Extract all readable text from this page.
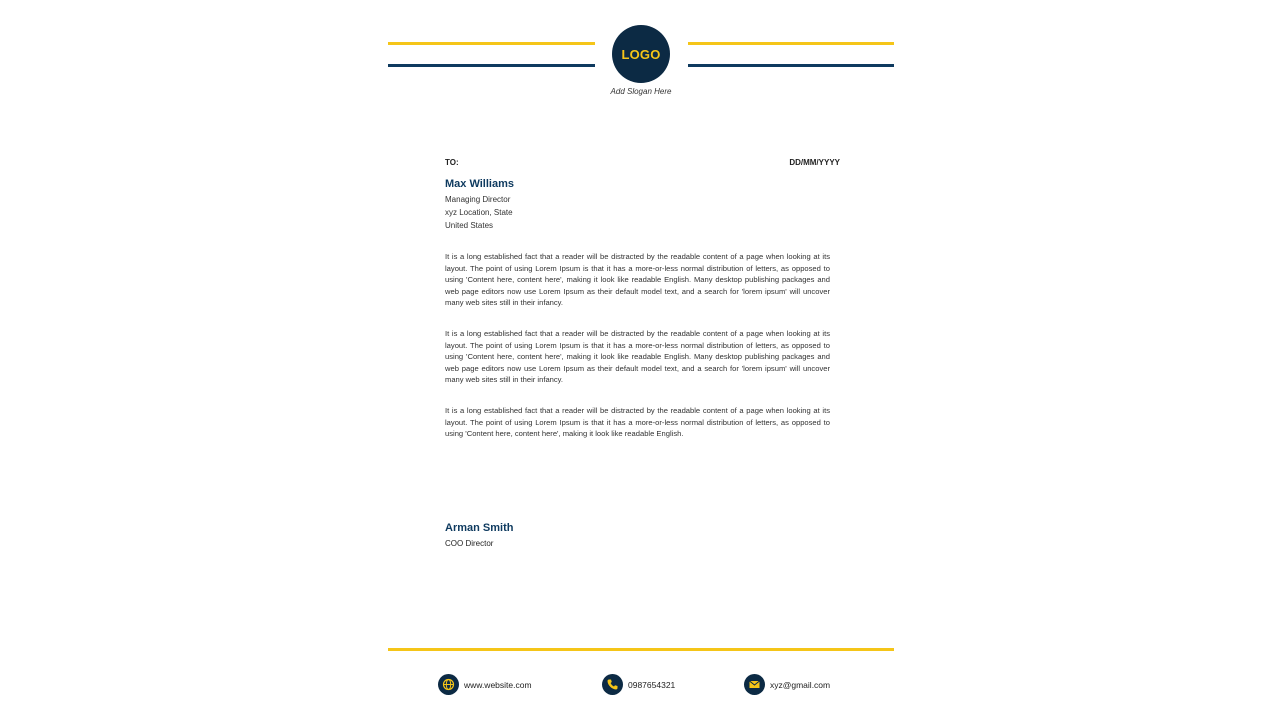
LOGO
Add Slogan Here
TO:	DD/MM/YYYY
Max Williams
Managing Director
xyz Location, State
United States

It is a long established fact that a reader will be distracted by the readable content of a page when looking at its layout. The point of using Lorem Ipsum is that it has a more-or-less normal distribution of letters, as opposed to using 'Content here, content here', making it look like readable English. Many desktop publishing packages and web page editors now use Lorem Ipsum as their default model text, and a search for 'lorem ipsum' will uncover many web sites still in their infancy.

It is a long established fact that a reader will be distracted by the readable content of a page when looking at its layout. The point of using Lorem Ipsum is that it has a more-or-less normal distribution of letters, as opposed to using 'Content here, content here', making it look like readable English. Many desktop publishing packages and web page editors now use Lorem Ipsum as their default model text, and a search for 'lorem ipsum' will uncover many web sites still in their infancy.

It is a long established fact that a reader will be distracted by the readable content of a page when looking at its layout. The point of using Lorem Ipsum is that it has a more-or-less normal distribution of letters, as opposed to using 'Content here, content here', making it look like readable English.

Arman Smith
COO Director
www.website.com	0987654321	xyz@gmail.com
